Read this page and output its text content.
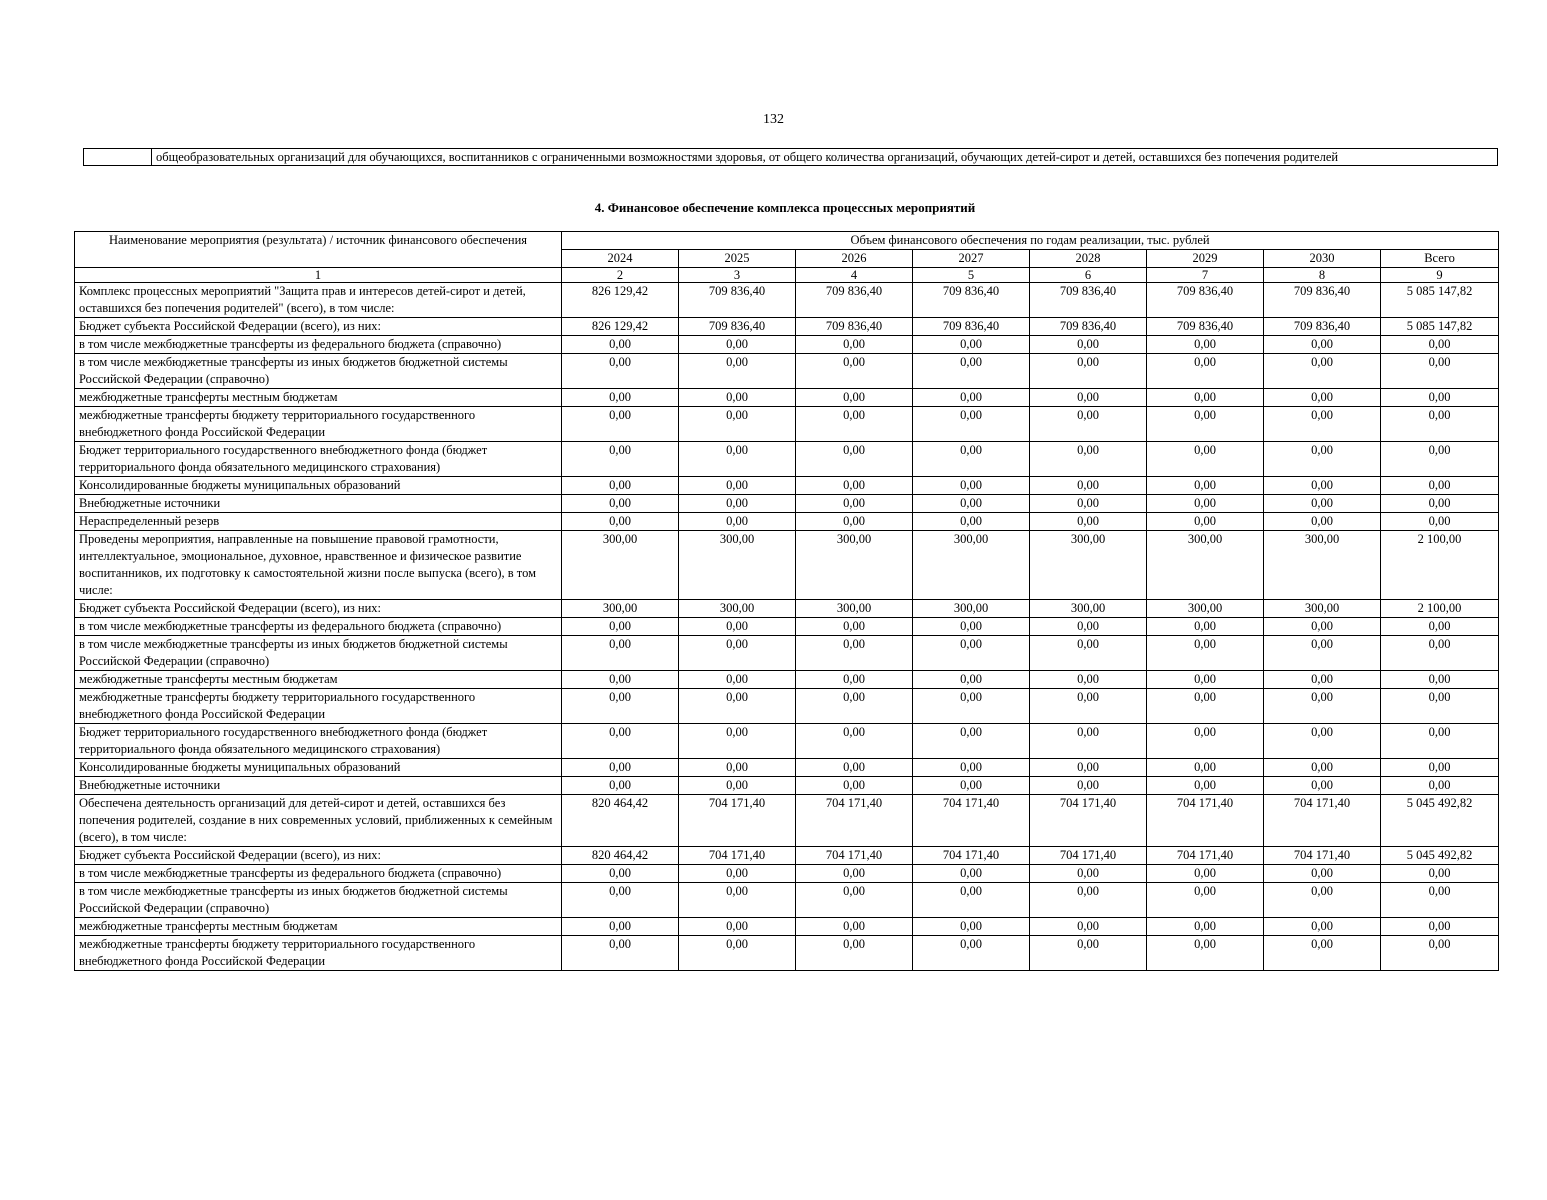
132
	общеобразовательных организаций для обучающихся, воспитанников с ограниченными возможностями здоровья, от общего количества организаций, обучающих детей-сирот и детей, оставшихся без попечения родителей
4. Финансовое обеспечение комплекса процессных мероприятий
Наименование мероприятия (результата) / источник финансового обеспечения	Объем финансового обеспечения по годам реализации, тыс. рублей							
	2024	2025	2026	2027	2028	2029	2030	Всего
1	2	3	4	5	6	7	8	9
Комплекс процессных мероприятий "Защита прав и интересов детей-сирот и детей, оставшихся без попечения родителей" (всего), в том числе:	826 129,42	709 836,40	709 836,40	709 836,40	709 836,40	709 836,40	709 836,40	5 085 147,82
Бюджет субъекта Российской Федерации (всего), из них:	826 129,42	709 836,40	709 836,40	709 836,40	709 836,40	709 836,40	709 836,40	5 085 147,82
в том числе межбюджетные трансферты из федерального бюджета (справочно)	0,00	0,00	0,00	0,00	0,00	0,00	0,00	0,00
в том числе межбюджетные трансферты из иных бюджетов бюджетной системы Российской Федерации (справочно)	0,00	0,00	0,00	0,00	0,00	0,00	0,00	0,00
межбюджетные трансферты местным бюджетам	0,00	0,00	0,00	0,00	0,00	0,00	0,00	0,00
межбюджетные трансферты бюджету территориального государственного внебюджетного фонда Российской Федерации	0,00	0,00	0,00	0,00	0,00	0,00	0,00	0,00
Бюджет территориального государственного внебюджетного фонда (бюджет территориального фонда обязательного медицинского страхования)	0,00	0,00	0,00	0,00	0,00	0,00	0,00	0,00
Консолидированные бюджеты муниципальных образований	0,00	0,00	0,00	0,00	0,00	0,00	0,00	0,00
Внебюджетные источники	0,00	0,00	0,00	0,00	0,00	0,00	0,00	0,00
Нераспределенный резерв	0,00	0,00	0,00	0,00	0,00	0,00	0,00	0,00
Проведены мероприятия, направленные на повышение правовой грамотности, интеллектуальное, эмоциональное, духовное, нравственное и физическое развитие воспитанников, их подготовку к самостоятельной жизни после выпуска (всего), в том числе:	300,00	300,00	300,00	300,00	300,00	300,00	300,00	2 100,00
Бюджет субъекта Российской Федерации (всего), из них:	300,00	300,00	300,00	300,00	300,00	300,00	300,00	2 100,00
в том числе межбюджетные трансферты из федерального бюджета (справочно)	0,00	0,00	0,00	0,00	0,00	0,00	0,00	0,00
в том числе межбюджетные трансферты из иных бюджетов бюджетной системы Российской Федерации (справочно)	0,00	0,00	0,00	0,00	0,00	0,00	0,00	0,00
межбюджетные трансферты местным бюджетам	0,00	0,00	0,00	0,00	0,00	0,00	0,00	0,00
межбюджетные трансферты бюджету территориального государственного внебюджетного фонда Российской Федерации	0,00	0,00	0,00	0,00	0,00	0,00	0,00	0,00
Бюджет территориального государственного внебюджетного фонда (бюджет территориального фонда обязательного медицинского страхования)	0,00	0,00	0,00	0,00	0,00	0,00	0,00	0,00
Консолидированные бюджеты муниципальных образований	0,00	0,00	0,00	0,00	0,00	0,00	0,00	0,00
Внебюджетные источники	0,00	0,00	0,00	0,00	0,00	0,00	0,00	0,00
Обеспечена деятельность организаций для детей-сирот и детей, оставшихся без попечения родителей, создание в них современных условий, приближенных к семейным (всего), в том числе:	820 464,42	704 171,40	704 171,40	704 171,40	704 171,40	704 171,40	704 171,40	5 045 492,82
Бюджет субъекта Российской Федерации (всего), из них:	820 464,42	704 171,40	704 171,40	704 171,40	704 171,40	704 171,40	704 171,40	5 045 492,82
в том числе межбюджетные трансферты из федерального бюджета (справочно)	0,00	0,00	0,00	0,00	0,00	0,00	0,00	0,00
в том числе межбюджетные трансферты из иных бюджетов бюджетной системы Российской Федерации (справочно)	0,00	0,00	0,00	0,00	0,00	0,00	0,00	0,00
межбюджетные трансферты местным бюджетам	0,00	0,00	0,00	0,00	0,00	0,00	0,00	0,00
межбюджетные трансферты бюджету территориального государственного внебюджетного фонда Российской Федерации	0,00	0,00	0,00	0,00	0,00	0,00	0,00	0,00
